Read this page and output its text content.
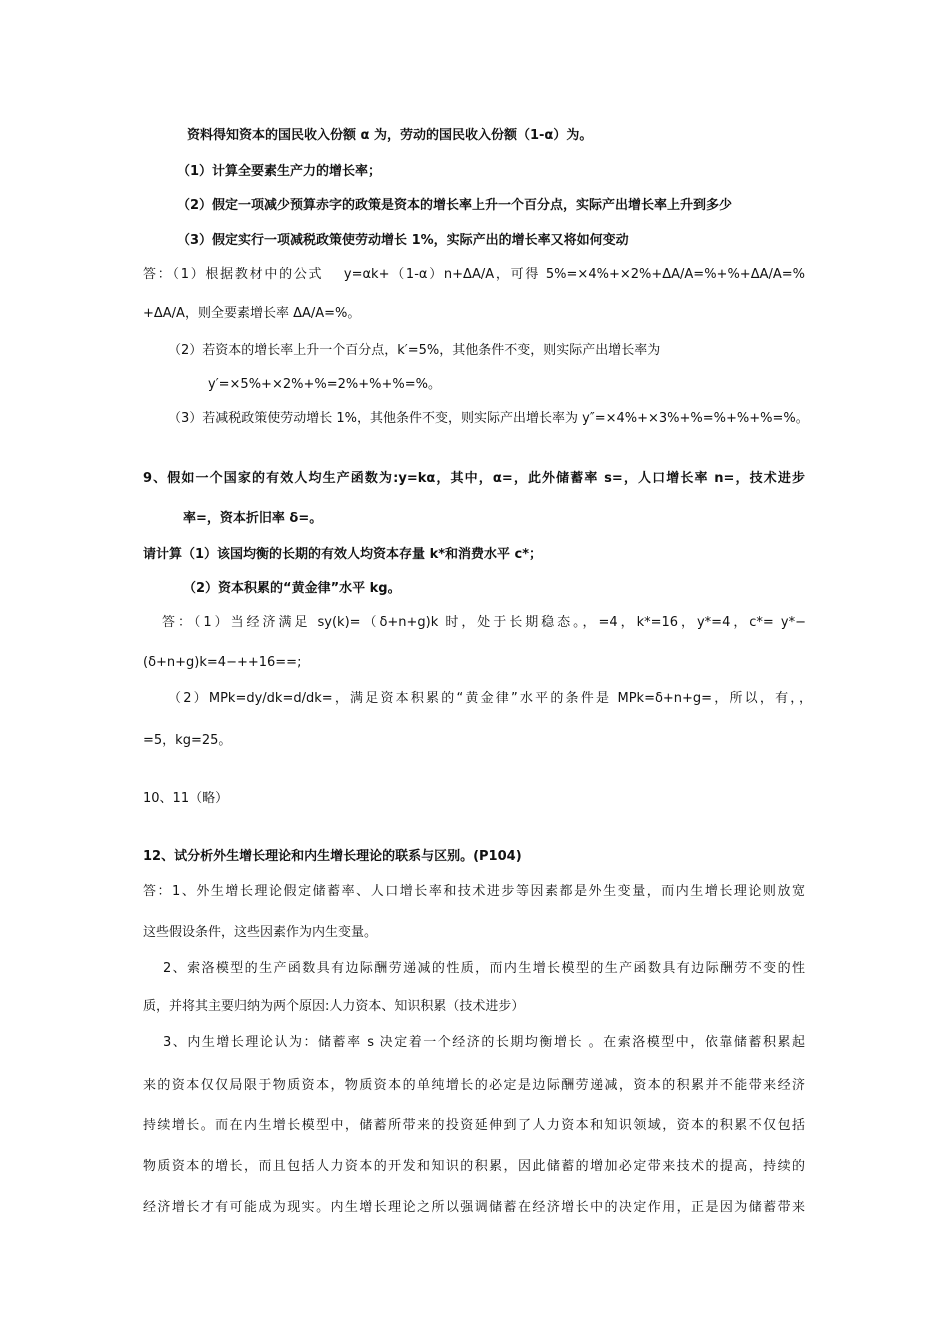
资料得知资本的国民收入份额 α 为，劳动的国民收入份额（1-α）为。
（1）计算全要素生产力的增长率；
（2）假定一项减少预算赤字的政策是资本的增长率上升一个百分点，实际产出增长率上升到多少
（3）假定实行一项减税政策使劳动增长 1%，实际产出的增长率又将如何变动
答：（1）根据教材中的公式　 y=αk+（1-α）n+ΔA/A，可得 5%=×4%+×2%+ΔA/A=%+%+ΔA/A=%
+ΔA/A，则全要素增长率 ΔA/A=%。
（2）若资本的增长率上升一个百分点，k′=5%，其他条件不变，则实际产出增长率为
y′=×5%+×2%+%=2%+%+%=%。
（3）若减税政策使劳动增长 1%，其他条件不变，则实际产出增长率为 y″=×4%+×3%+%=%+%+%=%。
9、假如一个国家的有效人均生产函数为:y=kα，其中，α=，此外储蓄率 s=，人口增长率 n=，技术进步
率=，资本折旧率 δ=。
请计算（1）该国均衡的长期的有效人均资本存量 k*和消费水平 c*；
（2）资本积累的“黄金律”水平 kg。
答：（1）当经济满足 sy(k)=（δ+n+g)k 时，处于长期稳态。，=4，k*=16，y*=4，c*= y*−
(δ+n+g)k=4−++16==;
（2）MPk=dy/dk=d/dk=，满足资本积累的“黄金律”水平的条件是 MPk=δ+n+g=，所以，有，，
=5，kg=25。
10、11（略）
12、试分析外生增长理论和内生增长理论的联系与区别。(P104)
答：1、外生增长理论假定储蓄率、人口增长率和技术进步等因素都是外生变量，而内生增长理论则放宽
这些假设条件，这些因素作为内生变量。
2、索洛模型的生产函数具有边际酬劳递减的性质，而内生增长模型的生产函数具有边际酬劳不变的性
质，并将其主要归纳为两个原因:人力资本、知识积累（技术进步）
3、内生增长理论认为：储蓄率 s 决定着一个经济的长期均衡增长 。在索洛模型中，依靠储蓄积累起
来的资本仅仅局限于物质资本，物质资本的单纯增长的必定是边际酬劳递减，资本的积累并不能带来经济
持续增长。而在内生增长模型中，储蓄所带来的投资延伸到了人力资本和知识领域，资本的积累不仅包括
物质资本的增长，而且包括人力资本的开发和知识的积累，因此储蓄的增加必定带来技术的提高，持续的
经济增长才有可能成为现实。内生增长理论之所以强调储蓄在经济增长中的决定作用，正是因为储蓄带来
